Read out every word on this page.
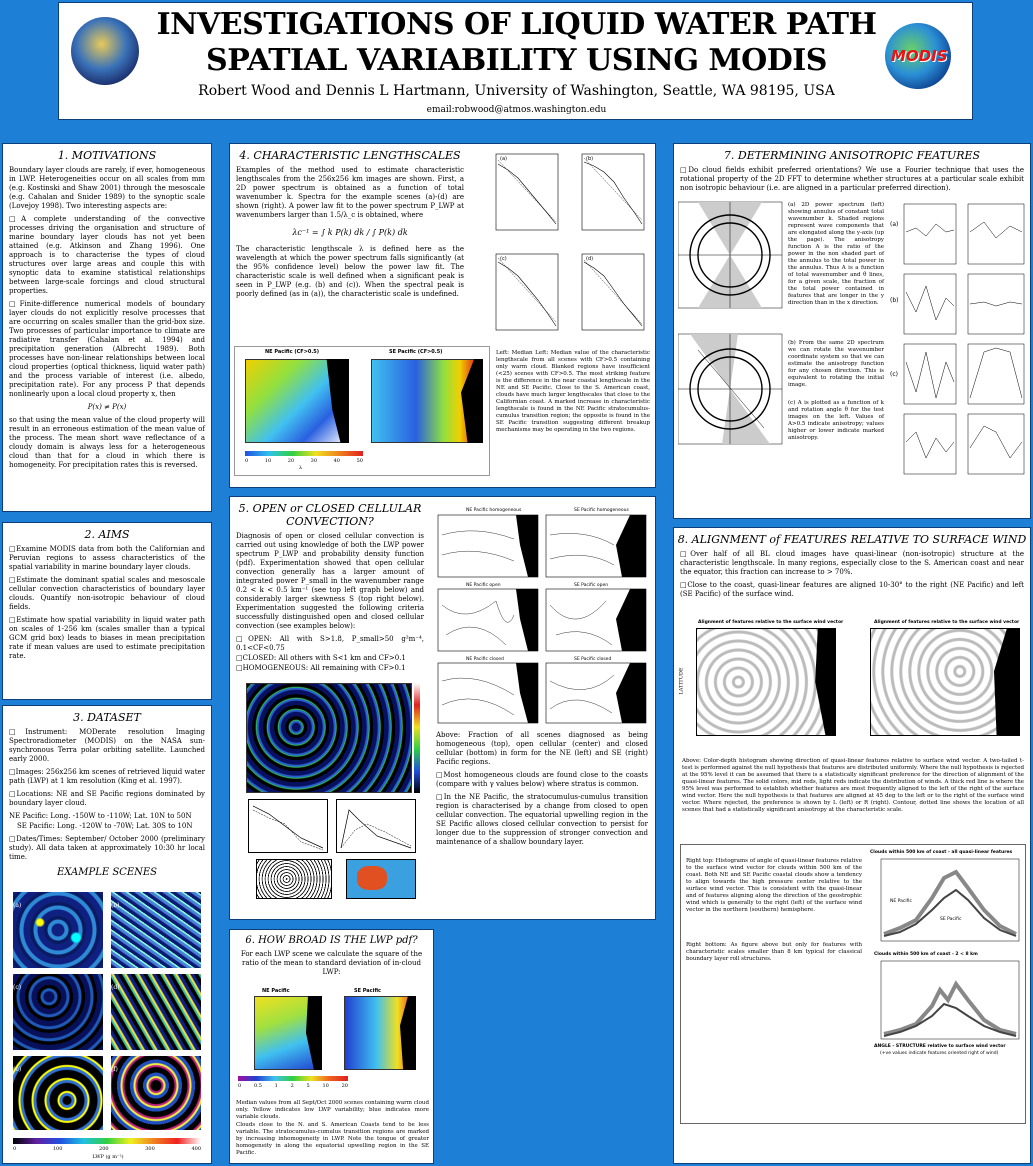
MODIS
INVESTIGATIONS OF LIQUID WATER PATH
SPATIAL VARIABILITY USING MODIS
Robert Wood and Dennis L Hartmann, University of Washington, Seattle, WA 98195, USA
email:robwood@atmos.washington.edu
1. MOTIVATIONS

Boundary layer clouds are rarely, if ever, homogeneous in LWP. Heterogeneities occur on all scales from mm (e.g. Kostinski and Shaw 2001) through the mesoscale (e.g. Cahalan and Snider 1989) to the synoptic scale (Lovejoy 1998). Two interesting aspects are:

□ A complete understanding of the convective processes driving the organisation and structure of marine boundary layer clouds has not yet been attained (e.g. Atkinson and Zhang 1996). One approach is to characterise the types of cloud structures over large areas and couple this with synoptic data to examine statistical relationships between large-scale forcings and cloud structural properties.

□ Finite-difference numerical models of boundary layer clouds do not explicitly resolve processes that are occurring on scales smaller than the grid-box size. Two processes of particular importance to climate are radiative transfer (Cahalan et al. 1994) and precipitation generation (Albrecht 1989). Both processes have non-linear relationships between local cloud properties (optical thickness, liquid water path) and the process variable of interest (i.e. albedo, precipitation rate). For any process P that depends nonlinearly upon a local cloud property x, then

P(x) ≠ P(x)

so that using the mean value of the cloud property will result in an erroneous estimation of the mean value of the process. The mean short wave reflectance of a cloudy domain is always less for a heterogeneous cloud than that for a cloud in which there is homogeneity. For precipitation rates this is reversed.

2. AIMS

□ Examine MODIS data from both the Californian and Peruvian regions to assess characteristics of the spatial variability in marine boundary layer clouds.

□ Estimate the dominant spatial scales and mesoscale cellular convection characteristics of boundary layer clouds. Quantify non-isotropic behaviour of cloud fields.

□ Estimate how spatial variability in liquid water path on scales of 1-256 km (scales smaller than a typical GCM grid box) leads to biases in mean precipitation rate if mean values are used to estimate precipitation rate.

3. DATASET

□ Instrument: MODerate resolution Imaging Spectroradiometer (MODIS) on the NASA sun-synchronous Terra polar orbiting satellite. Launched early 2000.

□ Images: 256x256 km scenes of retrieved liquid water path (LWP) at 1 km resolution (King et al. 1997).

□ Locations: NE and SE Pacific regions dominated by boundary layer cloud.

NE Pacific: Long. -150W to -110W; Lat. 10N to 50N

SE Pacific: Long. -120W to -70W; Lat. 30S to 10N

□ Dates/Times: September/ October 2000 (preliminary study). All data taken at approximately 10:30 hr local time.

EXAMPLE SCENES
(a)	(b)
(c)	(d)
(e)	(f)
0	100	200	300	400
LWP (g m⁻²)
4. CHARACTERISTIC LENGTHSCALES

Examples of the method used to estimate characteristic lengthscales from the 256x256 km images are shown. First, a 2D power spectrum is obtained as a function of total wavenumber k. Spectra for the example scenes (a)-(d) are shown (right). A power law fit to the power spectrum P_LWP at wavenumbers larger than 1.5/λ_c is obtained, where

λc⁻¹ = ∫ k P(k) dk / ∫ P(k) dk

The characteristic lengthscale λ is defined here as the wavelength at which the power spectrum falls significantly (at the 95% confidence level) below the power law fit. The characteristic scale is well defined when a significant peak is seen in P_LWP (e.g. (b) and (c)). When the spectral peak is poorly defined (as in (a)), the characteristic scale is undefined.

(a)	(b)
(c)	(d)
NE Pacific (CF>0.5)	SE Pacific (CF>0.5)
0	10	20	30	40	50
λ
Left: Median Left: Median value of the characteristic lengthscale from all scenes with CF>0.5 containing only warm cloud. Blanked regions have insufficient (<25) scenes with CF>0.5. The most striking feature is the difference in the near coastal lengthscale in the NE and SE Pacific. Close to the S. American coast, clouds have much larger lengthscales that close to the Californian coast. A marked increase in characteristic lengthscale is found in the NE Pacific stratocumulus-cumulus transition region; the opposite is found in the SE Pacific transition suggesting different breakup mechanisms may be operating in the two regions.
5. OPEN or CLOSED CELLULAR CONVECTION?

Diagnosis of open or closed cellular convection is carried out using knowledge of both the LWP power spectrum P_LWP and probability density function (pdf). Experimentation showed that open cellular convection generally has a larger amount of integrated power P_small in the wavenumber range 0.2 < k < 0.5 km⁻¹ (see top left graph below) and considerably larger skewness S (top right below). Experimentation suggested the following criteria successfully distinguished open and closed cellular convection (see examples below):

□ OPEN: All with S>1.8, P_small>50 g²m⁻⁴, 0.1<CF<0.75

□ CLOSED: All others with S<1 km and CF>0.1

□ HOMOGENEOUS: All remaining with CF>0.1

NE Pacific homogeneous	SE Pacific homogeneous
NE Pacific open	SE Pacific open
NE Pacific closed	SE Pacific closed

Above: Fraction of all scenes diagnosed as being homogeneous (top), open cellular (center) and closed cellular (bottom) in form for the NE (left) and SE (right) Pacific regions.

□ Most homogeneous clouds are found close to the coasts (compare with γ values below) where stratus is common.

□ In the NE Pacific, the stratocumulus-cumulus transition region is characterised by a change from closed to open cellular convection. The equatorial upwelling region in the SE Pacific allows closed cellular convection to persist for longer due to the suppression of stronger convection and maintenance of a shallow boundary layer.

6. HOW BROAD IS THE LWP pdf?

For each LWP scene we calculate the square of the ratio of the mean to standard deviation of in-cloud LWP:

NE Pacific	SE Pacific
0	0.5	1	2	5	10	20
Median values from all Sept/Oct 2000 scenes containing warm cloud only. Yellow indicates low LWP variability; blue indicates more variable clouds.
Clouds close to the N. and S. American Coasts tend to be less variable. The stratocumulus-cumulus transition regions are marked by increasing inhomogeneity in LWP. Note the tongue of greater homogeneity in along the equatorial upwelling region in the SE Pacific.
7. DETERMINING ANISOTROPIC FEATURES

□ Do cloud fields exhibit preferred orientations? We use a Fourier technique that uses the rotational property of the 2D FFT to determine whether structures at a particular scale exhibit non isotropic behaviour (i.e. are aligned in a particular preferred direction).

(a) 2D power spectrum (left) showing annulus of constant total wavenumber k. Shaded regions represent wave components that are elongated along the y-axis (up the page). The anisotropy function A is the ratio of the power in the non shaded part of the annulus to the total power in the annulus. Thus A is a function of total wavenumber and θ lines, for a given scale, the fraction of the total power contained in features that are longer in the y direction than in the x direction.
(b) From the same 2D spectrum we can rotate the wavenumber coordinate system so that we can estimate the anisotropy function for any chosen direction. This is equivalent to rotating the initial image.
(c) A is plotted as a function of k and rotation angle θ for the test images on the left. Values of A>0.5 indicate anisotropy; values higher or lower indicate marked anisotropy.
(a)
(b)
(c)
8. ALIGNMENT of FEATURES RELATIVE TO SURFACE WIND

□ Over half of all BL cloud images have quasi-linear (non-isotropic) structure at the characteristic lengthscale. In many regions, especially close to the S. American coast and near the equator, this fraction can increase to > 70%.

□ Close to the coast, quasi-linear features are aligned 10-30° to the right (NE Pacific) and left (SE Pacific) of the surface wind.

Alignment of features relative to the surface wind vector	Alignment of features relative to the surface wind vector
LATITUDE
Above: Color-depth histogram showing direction of quasi-linear features relative to surface wind vector. A two-tailed t-test is performed against the null hypothesis that features are distributed uniformly. Where the null hypothesis is rejected at the 95% level it can be assumed that there is a statistically significant preference for the direction of alignment of the quasi-linear features. The solid colors, mid reds, light reds indicate the distribution of winds. A thick red line is where the 95% level was performed to establish whether features are most frequently aligned to the left of the right of the surface wind vector. Here the null hypothesis is that features are aligned at 45 deg to the left or to the right of the surface wind vector. Where rejected, the preference is shown by L (left) or R (right). Contour, dotted line shows the location of all scenes that had a statistically significant anisotropy at the characteristic scale.
Right top: Histograms of angle of quasi-linear features relative to the surface wind vector for clouds within 500 km of the coast. Both NE and SE Pacific coastal clouds show a tendency to align towards the high pressure center relative to the surface wind vector. This is consistent with the quasi-linear and of features aligning along the direction of the geostrophic wind which is generally to the right (left) of the surface wind vector in the northern (southern) hemisphere.
Right bottom: As figure above but only for features with characteristic scales smaller than 8 km typical for classical boundary layer roll structures.
Clouds within 500 km of coast - all quasi-linear features
NE Pacific
SE Pacific
Clouds within 500 km of coast - 2 < 8 km
ANGLE - STRUCTURE relative to surface wind vector
(+ve values indicate features oriented right of wind)
